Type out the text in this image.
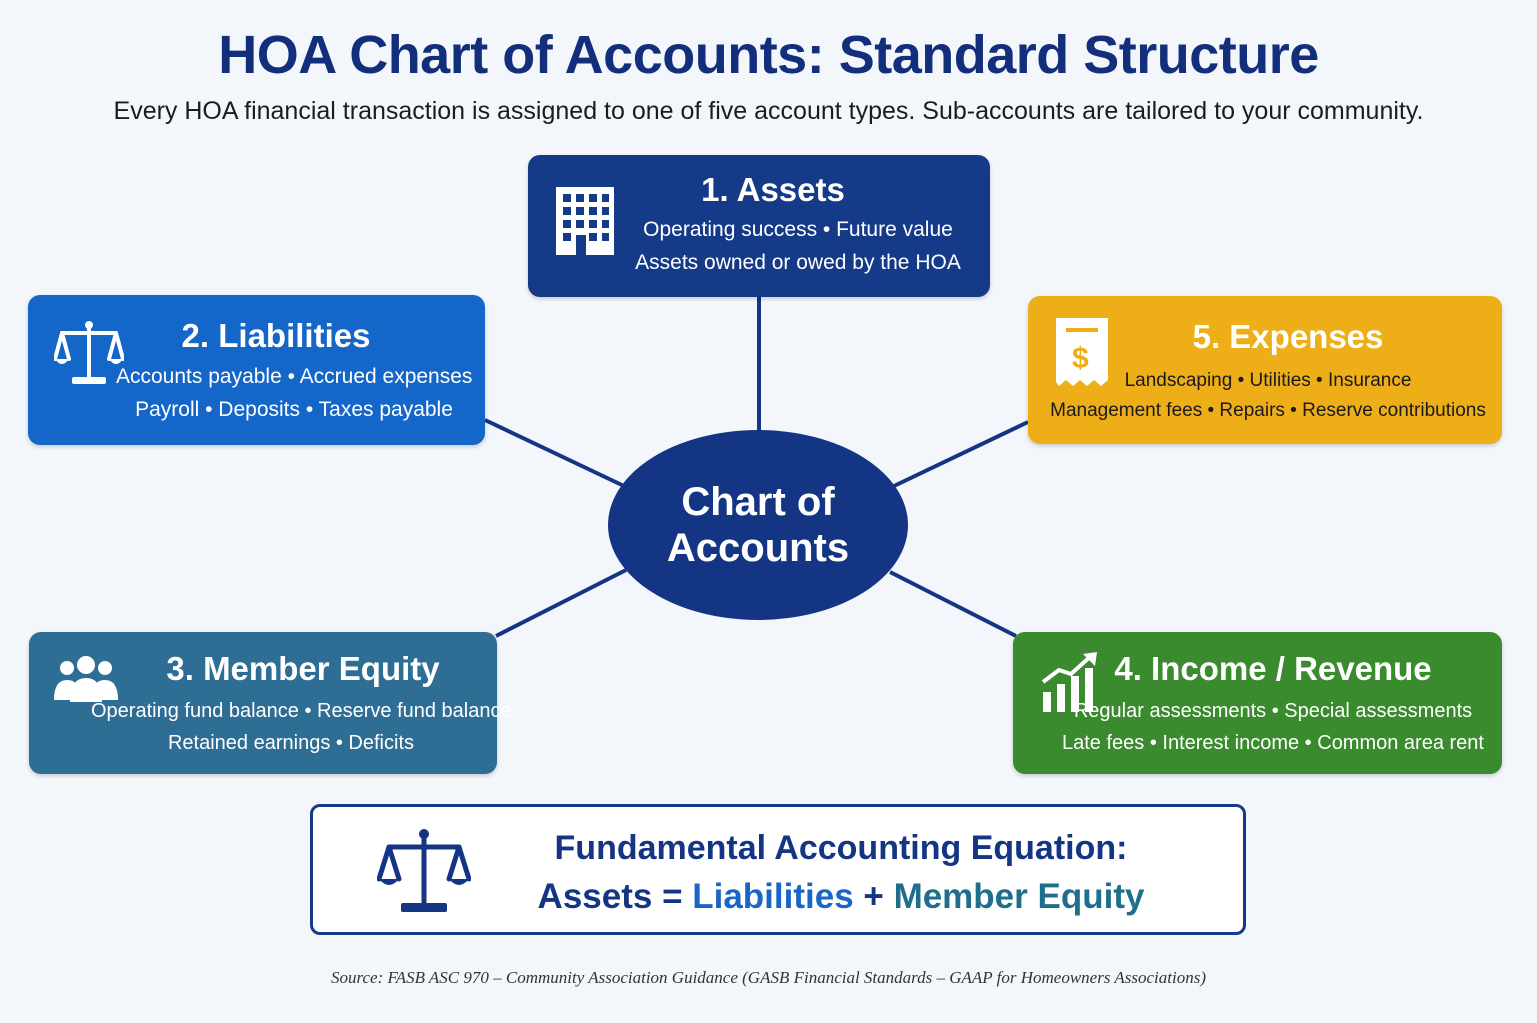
HOA Chart of Accounts: Standard Structure

Every HOA financial transaction is assigned to one of five account types. Sub-accounts are tailored to your community.

1. Assets
Operating success • Future value
Assets owned or owed by the HOA
2. Liabilities
Accounts payable • Accrued expenses
Payroll • Deposits • Taxes payable
$
5. Expenses
Landscaping • Utilities • Insurance
Management fees • Repairs • Reserve contributions
Chart of
Accounts
3. Member Equity
Operating fund balance • Reserve fund balance
Retained earnings • Deficits
4. Income / Revenue
Regular assessments • Special assessments
Late fees • Interest income • Common area rent
Fundamental Accounting Equation:
Assets = Liabilities + Member Equity
Source: FASB ASC 970 – Community Association Guidance (GASB Financial Standards – GAAP for Homeowners Associations)
